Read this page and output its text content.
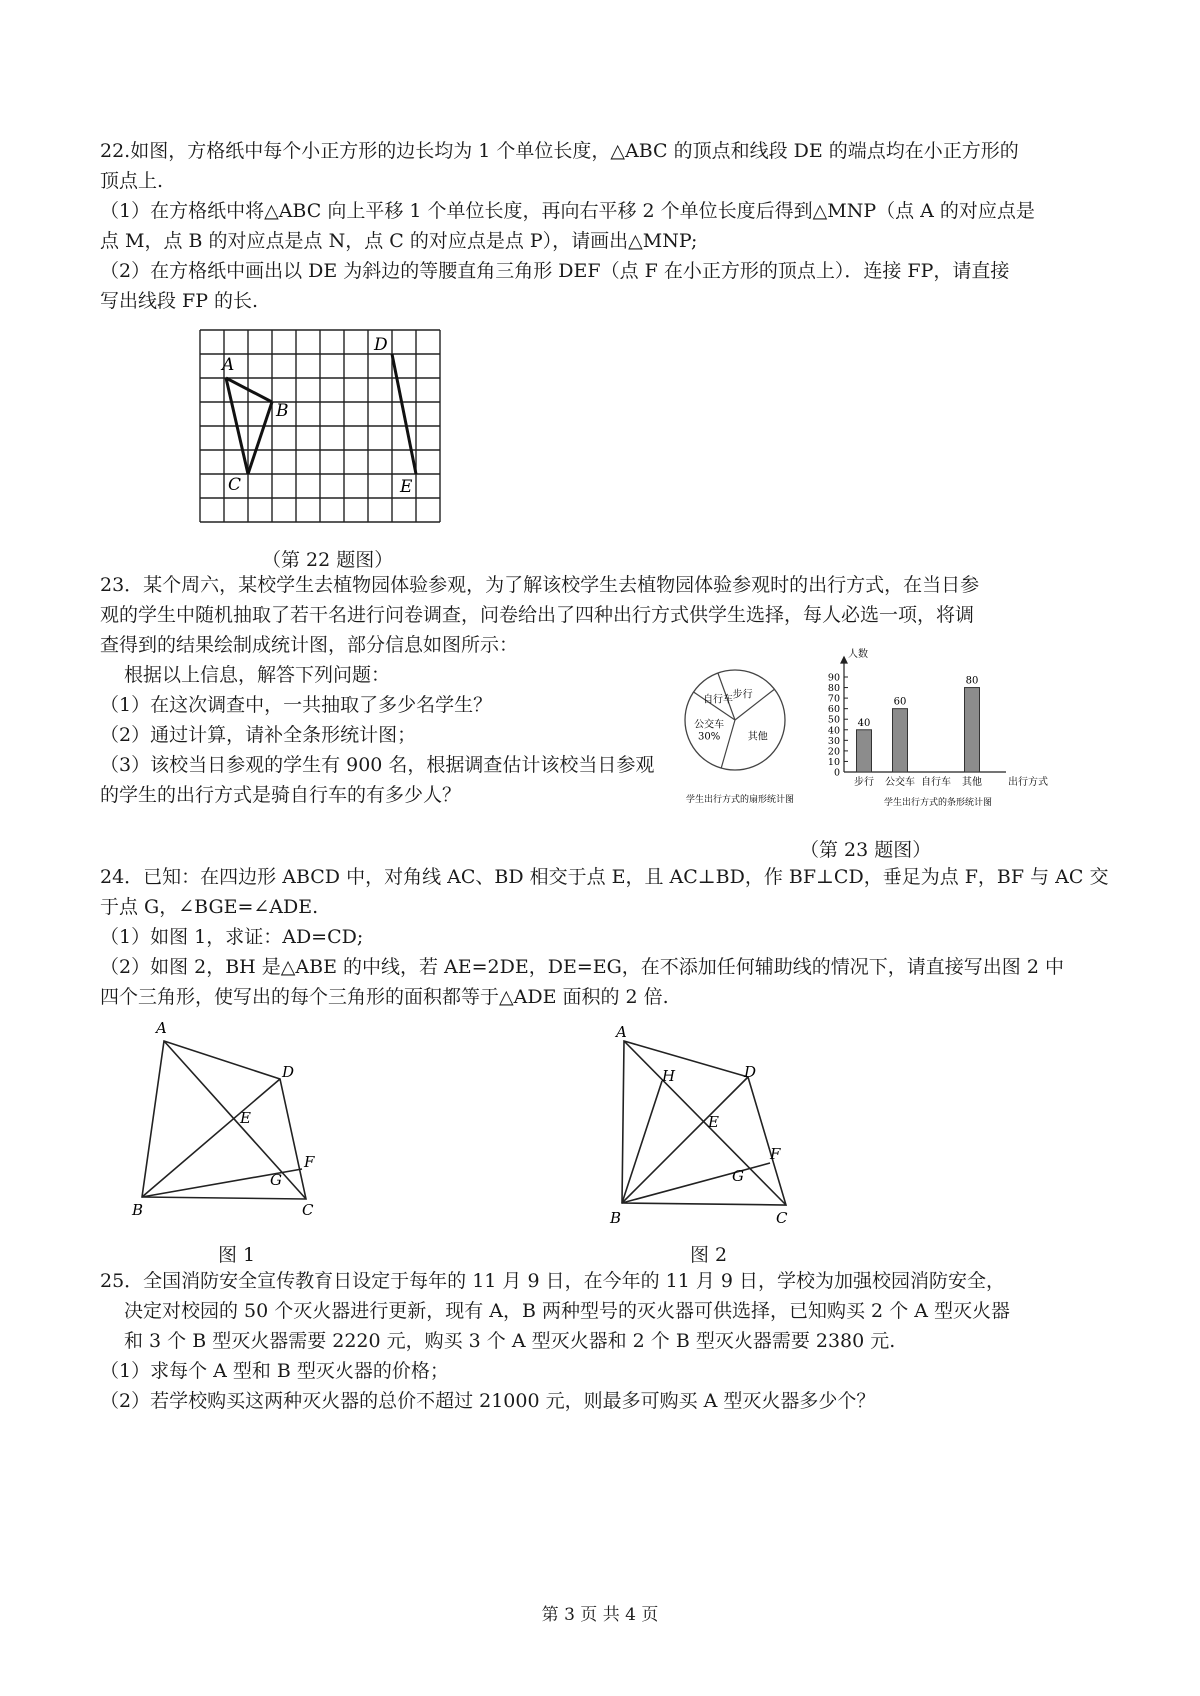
22.如图，方格纸中每个小正方形的边长均为 1 个单位长度，△ABC 的顶点和线段 DE 的端点均在小正方形的
顶点上.
（1）在方格纸中将△ABC 向上平移 1 个单位长度，再向右平移 2 个单位长度后得到△MNP（点 A 的对应点是
点 M，点 B 的对应点是点 N，点 C 的对应点是点 P），请画出△MNP;
（2）在方格纸中画出以 DE 为斜边的等腰直角三角形 DEF（点 F 在小正方形的顶点上）．连接 FP，请直接
写出线段 FP 的长.
A
B
C
D
E
（第 22 题图）
23．某个周六，某校学生去植物园体验参观，为了解该校学生去植物园体验参观时的出行方式，在当日参
观的学生中随机抽取了若干名进行问卷调查，问卷给出了四种出行方式供学生选择，每人必选一项，将调
查得到的结果绘制成统计图，部分信息如图所示：
根据以上信息，解答下列问题：
（1）在这次调查中，一共抽取了多少名学生？
（2）通过计算，请补全条形统计图；
（3）该校当日参观的学生有 900 名，根据调查估计该校当日参观
的学生的出行方式是骑自行车的有多少人？
步行
其他
公交车
30%
自行车
学生出行方式的扇形统计图
0
10
20
30
40
50
60
70
80
90
40
60
80
步行 公交车 自行车 其他
人数
出行方式
学生出行方式的条形统计图
（第 23 题图）
24．已知：在四边形 ABCD 中，对角线 AC、BD 相交于点 E，且 AC⊥BD，作 BF⊥CD，垂足为点 F，BF 与 AC 交
于点 G，∠BGE=∠ADE.
（1）如图 1，求证：AD=CD;
（2）如图 2，BH 是△ABE 的中线，若 AE=2DE，DE=EG，在不添加任何辅助线的情况下，请直接写出图 2 中
四个三角形，使写出的每个三角形的面积都等于△ADE 面积的 2 倍.
A
D
E
F
G
B	C
图 1
A
H	D
E
F
G
B	C
图 2
25．全国消防安全宣传教育日设定于每年的 11 月 9 日，在今年的 11 月 9 日，学校为加强校园消防安全，
决定对校园的 50 个灭火器进行更新，现有 A，B 两种型号的灭火器可供选择，已知购买 2 个 A 型灭火器
和 3 个 B 型灭火器需要 2220 元，购买 3 个 A 型灭火器和 2 个 B 型灭火器需要 2380 元.
（1）求每个 A 型和 B 型灭火器的价格；
（2）若学校购买这两种灭火器的总价不超过 21000 元，则最多可购买 A 型灭火器多少个？
第 3 页 共 4 页
